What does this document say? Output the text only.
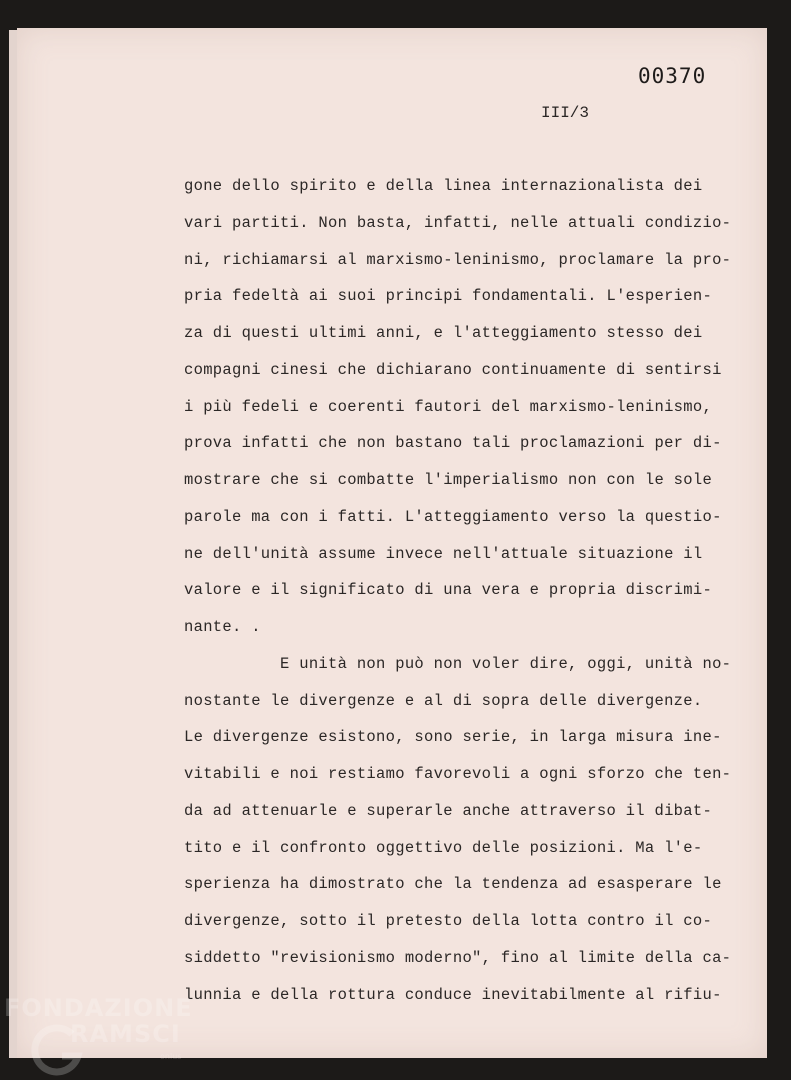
00370
III/3
gone dello spirito e della linea internazionalista dei
vari partiti. Non basta, infatti, nelle attuali condizio-
ni, richiamarsi al marxismo-leninismo, proclamare la pro-
pria fedeltà ai suoi principi fondamentali. L'esperien-
za di questi ultimi anni, e l'atteggiamento stesso dei
compagni cinesi che dichiarano continuamente di sentirsi
i più fedeli e coerenti fautori del marxismo-leninismo,
prova infatti che non bastano tali proclamazioni per di-
mostrare che si combatte l'imperialismo non con le sole
parole ma con i fatti. L'atteggiamento verso la questio-
ne dell'unità assume invece nell'attuale situazione il
valore e il significato di una vera e propria discrimi-
nante. .
E unità non può non voler dire, oggi, unità no-
nostante le divergenze e al di sopra delle divergenze.
Le divergenze esistono, sono serie, in larga misura ine-
vitabili e noi restiamo favorevoli a ogni sforzo che ten-
da ad attenuarle e superarle anche attraverso il dibat-
tito e il confronto oggettivo delle posizioni. Ma l'e-
sperienza ha dimostrato che la tendenza ad esasperare le
divergenze, sotto il pretesto della lotta contro il co-
siddetto "revisionismo moderno", fino al limite della ca-
lunnia e della rottura conduce inevitabilmente al rifiu-
FONDAZIONE
RAMSCI
onlus
